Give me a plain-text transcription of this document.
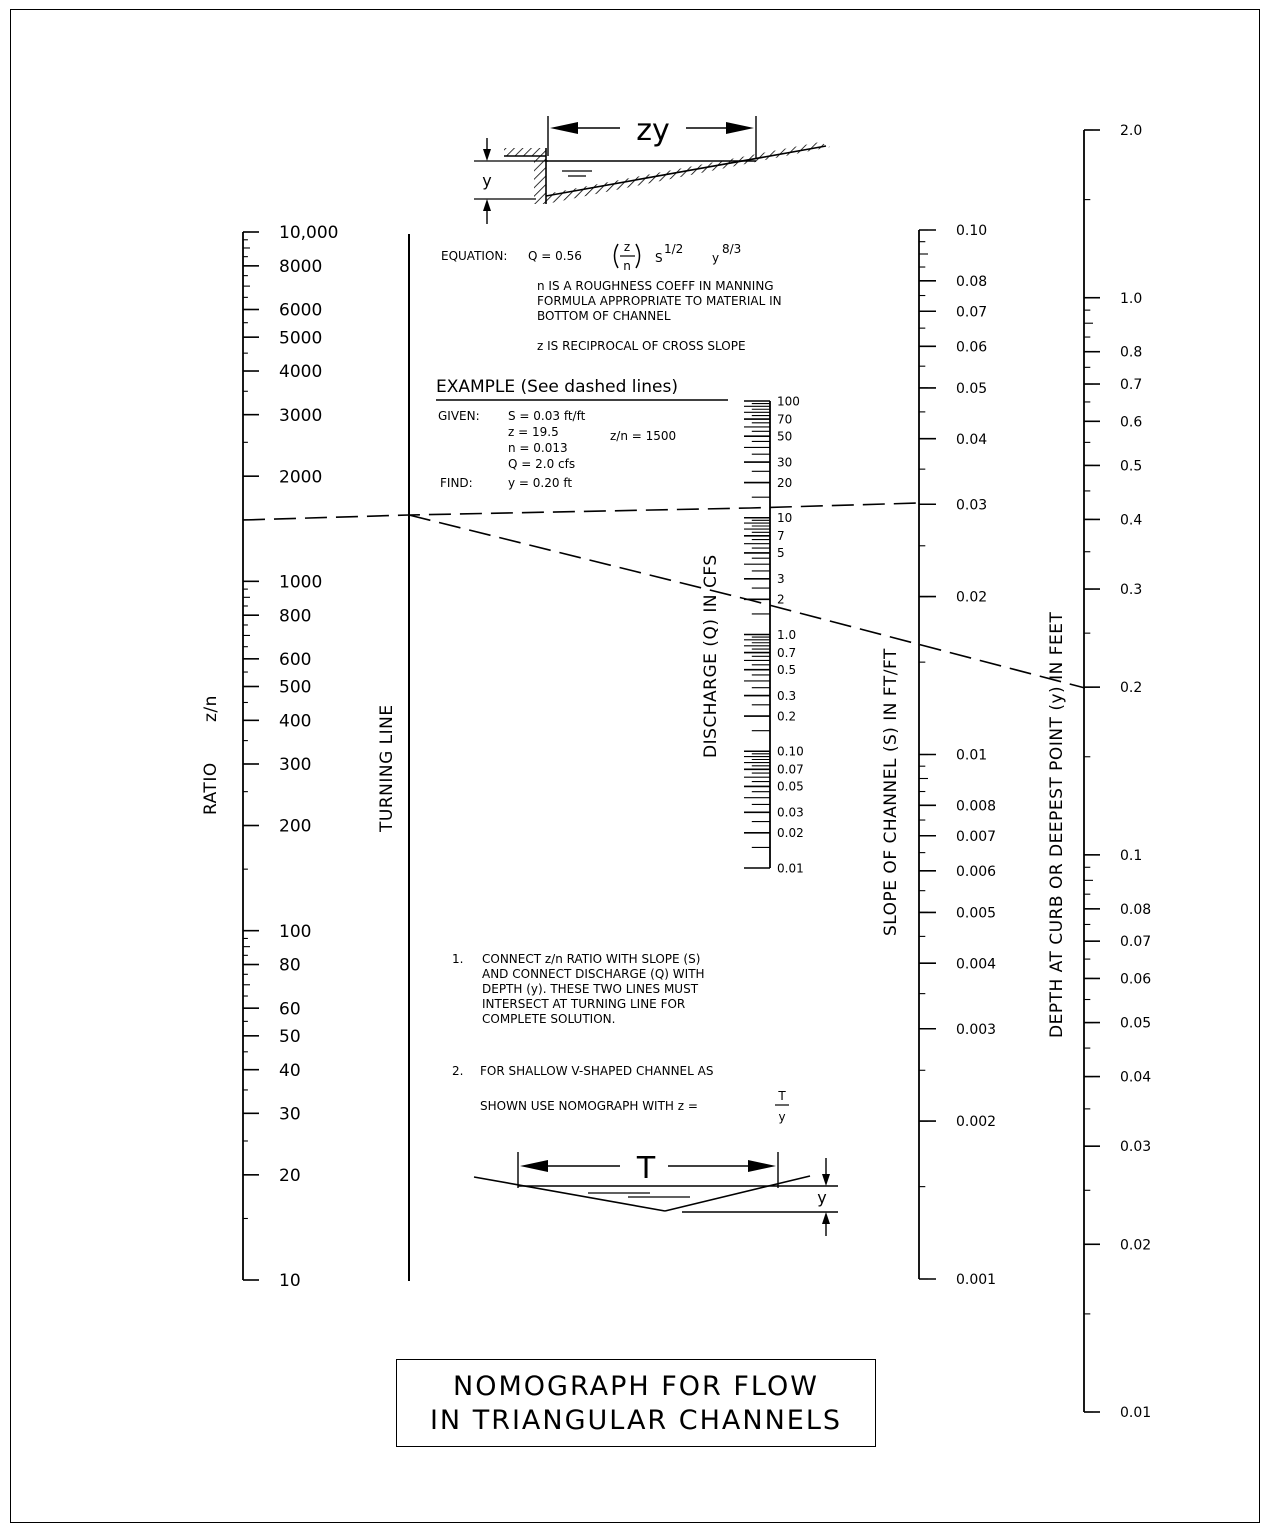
10,000
8000
6000
5000
4000
3000
2000
1000
800
600
500
400
300
200
100
80
60
50
40
30
20
10
100
70
50
30
20
10
7
5
3
2
1.0
0.7
0.5
0.3
0.2
0.10
0.07
0.05
0.03
0.02
0.01
0.10
0.08
0.07
0.06
0.05
0.04
0.03
0.02
0.01
0.008
0.007
0.006
0.005
0.004
0.003
0.002
0.001
2.0
1.0
0.8
0.7
0.6
0.5
0.4
0.3
0.2
0.1
0.08
0.07
0.06
0.05
0.04
0.03
0.02
0.01
RATIO
z/n	TURNING LINE
DISCHARGE (Q) IN CFS	SLOPE OF CHANNEL (S) IN FT/FT	DEPTH AT CURB OR DEEPEST POINT (y) IN FEET
zy
y
EQUATION: Q = 0.56
z
n
S
1/2
y
8/3
n IS A ROUGHNESS COEFF IN MANNING
FORMULA APPROPRIATE TO MATERIAL IN
BOTTOM OF CHANNEL
z IS RECIPROCAL OF CROSS SLOPE
EXAMPLE (See dashed lines)
GIVEN: S = 0.03 ft/ft
z = 19.5
n = 0.013
Q = 2.0 cfs
z/n = 1500
FIND:	y = 0.20 ft
1. CONNECT z/n RATIO WITH SLOPE (S)
AND CONNECT DISCHARGE (Q) WITH
DEPTH (y). THESE TWO LINES MUST
INTERSECT AT TURNING LINE FOR
COMPLETE SOLUTION.
2. FOR SHALLOW V-SHAPED CHANNEL AS
SHOWN USE NOMOGRAPH WITH z =
T
y
T
y
NOMOGRAPH FOR FLOW
IN TRIANGULAR CHANNELS
